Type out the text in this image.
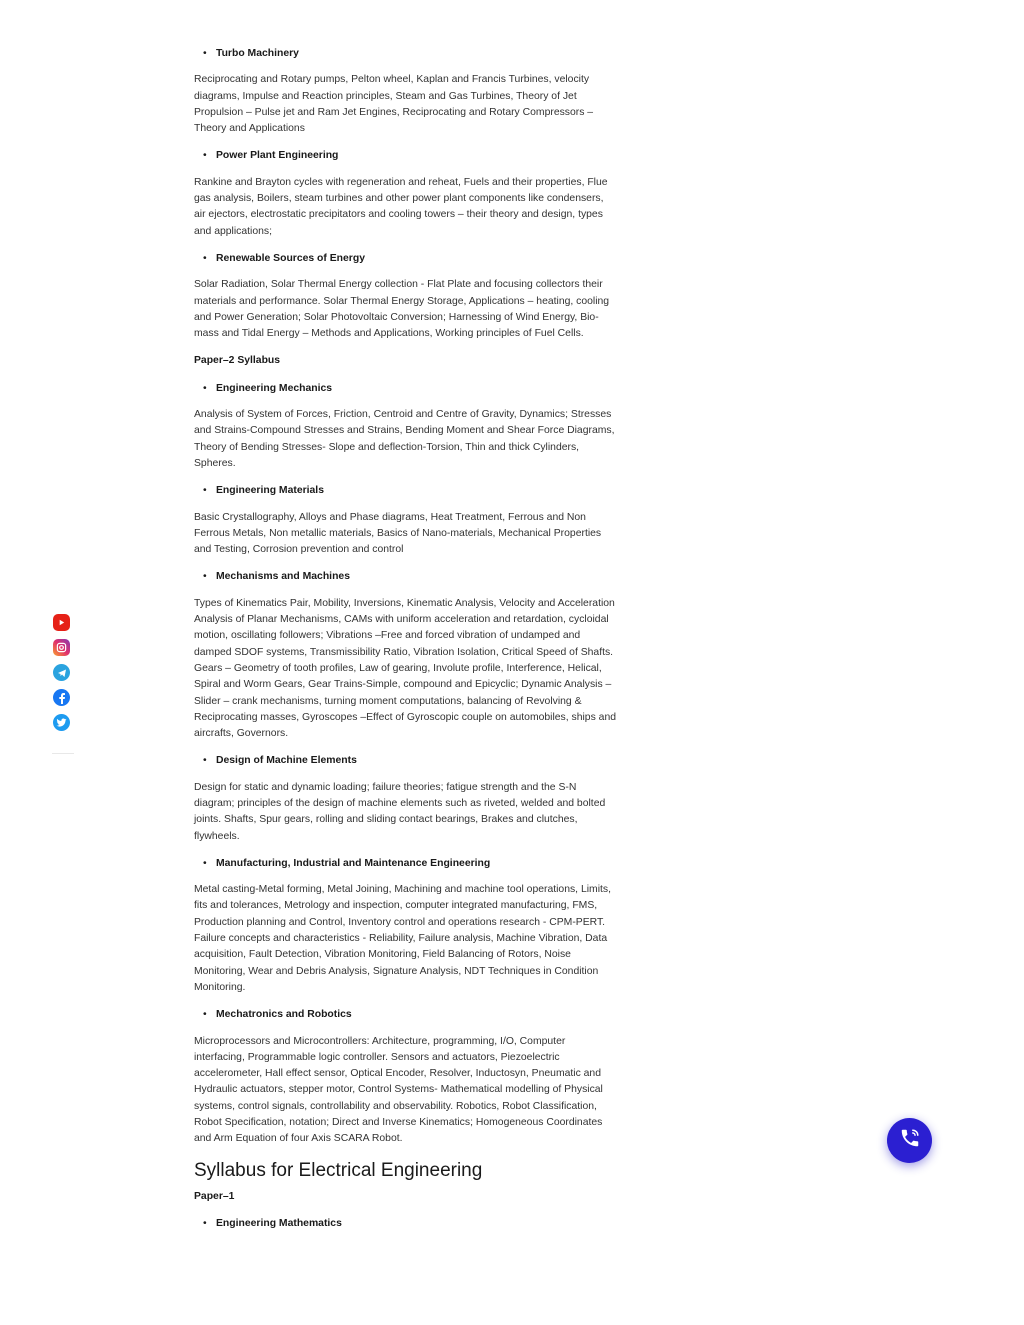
• Turbo Machinery

Reciprocating and Rotary pumps, Pelton wheel, Kaplan and Francis Turbines, velocity diagrams, Impulse and Reaction principles, Steam and Gas Turbines, Theory of Jet Propulsion – Pulse jet and Ram Jet Engines, Reciprocating and Rotary Compressors – Theory and Applications

• Power Plant Engineering

Rankine and Brayton cycles with regeneration and reheat, Fuels and their properties, Flue gas analysis, Boilers, steam turbines and other power plant components like condensers, air ejectors, electrostatic precipitators and cooling towers – their theory and design, types and applications;

• Renewable Sources of Energy

Solar Radiation, Solar Thermal Energy collection - Flat Plate and focusing collectors their materials and performance. Solar Thermal Energy Storage, Applications – heating, cooling and Power Generation; Solar Photovoltaic Conversion; Harnessing of Wind Energy, Bio-mass and Tidal Energy – Methods and Applications, Working principles of Fuel Cells.

Paper–2 Syllabus

• Engineering Mechanics

Analysis of System of Forces, Friction, Centroid and Centre of Gravity, Dynamics; Stresses and Strains-Compound Stresses and Strains, Bending Moment and Shear Force Diagrams, Theory of Bending Stresses- Slope and deflection-Torsion, Thin and thick Cylinders, Spheres.

• Engineering Materials

Basic Crystallography, Alloys and Phase diagrams, Heat Treatment, Ferrous and Non Ferrous Metals, Non metallic materials, Basics of Nano-materials, Mechanical Properties and Testing, Corrosion prevention and control

• Mechanisms and Machines

Types of Kinematics Pair, Mobility, Inversions, Kinematic Analysis, Velocity and Acceleration Analysis of Planar Mechanisms, CAMs with uniform acceleration and retardation, cycloidal motion, oscillating followers; Vibrations –Free and forced vibration of undamped and damped SDOF systems, Transmissibility Ratio, Vibration Isolation, Critical Speed of Shafts. Gears – Geometry of tooth profiles, Law of gearing, Involute profile, Interference, Helical, Spiral and Worm Gears, Gear Trains-Simple, compound and Epicyclic; Dynamic Analysis – Slider – crank mechanisms, turning moment computations, balancing of Revolving & Reciprocating masses, Gyroscopes –Effect of Gyroscopic couple on automobiles, ships and aircrafts, Governors.

• Design of Machine Elements

Design for static and dynamic loading; failure theories; fatigue strength and the S-N diagram; principles of the design of machine elements such as riveted, welded and bolted joints. Shafts, Spur gears, rolling and sliding contact bearings, Brakes and clutches, flywheels.

• Manufacturing, Industrial and Maintenance Engineering

Metal casting-Metal forming, Metal Joining, Machining and machine tool operations, Limits, fits and tolerances, Metrology and inspection, computer integrated manufacturing, FMS, Production planning and Control, Inventory control and operations research - CPM-PERT. Failure concepts and characteristics - Reliability, Failure analysis, Machine Vibration, Data acquisition, Fault Detection, Vibration Monitoring, Field Balancing of Rotors, Noise Monitoring, Wear and Debris Analysis, Signature Analysis, NDT Techniques in Condition Monitoring.

• Mechatronics and Robotics

Microprocessors and Microcontrollers: Architecture, programming, I/O, Computer interfacing, Programmable logic controller. Sensors and actuators, Piezoelectric accelerometer, Hall effect sensor, Optical Encoder, Resolver, Inductosyn, Pneumatic and Hydraulic actuators, stepper motor, Control Systems- Mathematical modelling of Physical systems, control signals, controllability and observability. Robotics, Robot Classification, Robot Specification, notation; Direct and Inverse Kinematics; Homogeneous Coordinates and Arm Equation of four Axis SCARA Robot.

Syllabus for Electrical Engineering

Paper–1

• Engineering Mathematics
